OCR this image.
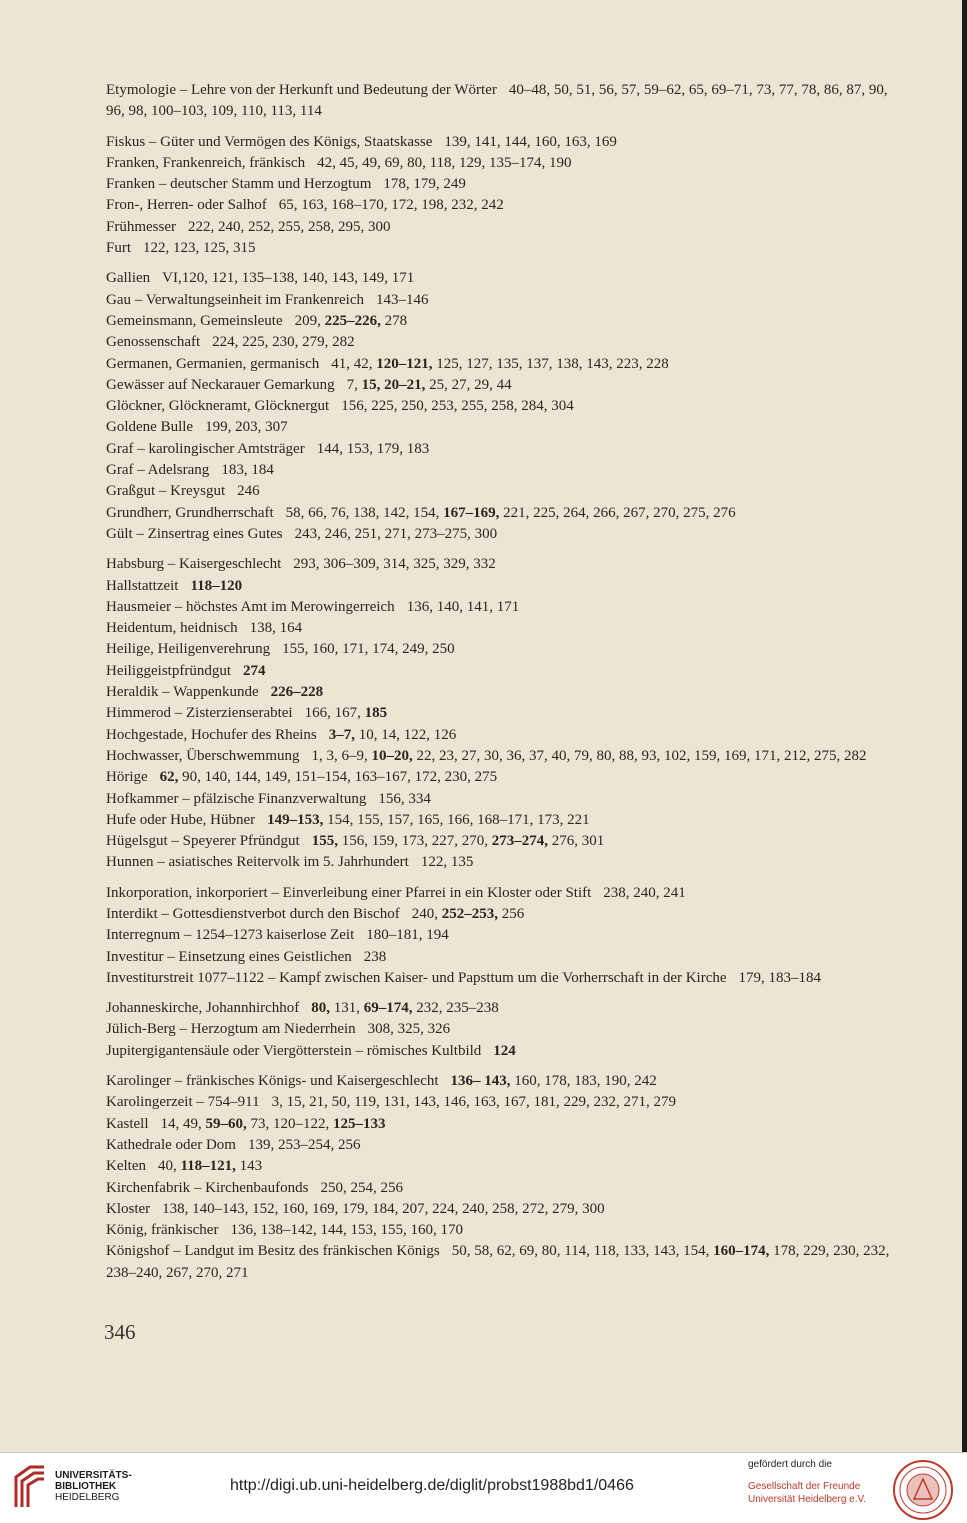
Etymologie – Lehre von der Herkunft und Bedeutung der Wörter 40–48, 50, 51, 56, 57, 59–62, 65, 69–71, 73, 77, 78, 86, 87, 90, 96, 98, 100–103, 109, 110, 113, 114
Fiskus – Güter und Vermögen des Königs, Staatskasse 139, 141, 144, 160, 163, 169
Franken, Frankenreich, fränkisch 42, 45, 49, 69, 80, 118, 129, 135–174, 190
Franken – deutscher Stamm und Herzogtum 178, 179, 249
Fron-, Herren- oder Salhof 65, 163, 168–170, 172, 198, 232, 242
Frühmesser 222, 240, 252, 255, 258, 295, 300
Furt 122, 123, 125, 315
Gallien VI,120, 121, 135–138, 140, 143, 149, 171
Gau – Verwaltungseinheit im Frankenreich 143–146
Gemeinsmann, Gemeinsleute 209, 225–226, 278
Genossenschaft 224, 225, 230, 279, 282
Germanen, Germanien, germanisch 41, 42, 120–121, 125, 127, 135, 137, 138, 143, 223, 228
Gewässer auf Neckarauer Gemarkung 7, 15, 20–21, 25, 27, 29, 44
Glöckner, Glöckneramt, Glöcknergut 156, 225, 250, 253, 255, 258, 284, 304
Goldene Bulle 199, 203, 307
Graf – karolingischer Amtsträger 144, 153, 179, 183
Graf – Adelsrang 183, 184
Graßgut – Kreysgut 246
Grundherr, Grundherrschaft 58, 66, 76, 138, 142, 154, 167–169, 221, 225, 264, 266, 267, 270, 275, 276
Gült – Zinsertrag eines Gutes 243, 246, 251, 271, 273–275, 300
Habsburg – Kaisergeschlecht 293, 306–309, 314, 325, 329, 332
Hallstattzeit 118–120
Hausmeier – höchstes Amt im Merowingerreich 136, 140, 141, 171
Heidentum, heidnisch 138, 164
Heilige, Heiligenverehrung 155, 160, 171, 174, 249, 250
Heiliggeistpfründgut 274
Heraldik – Wappenkunde 226–228
Himmerod – Zisterzienserabtei 166, 167, 185
Hochgestade, Hochufer des Rheins 3–7, 10, 14, 122, 126
Hochwasser, Überschwemmung 1, 3, 6–9, 10–20, 22, 23, 27, 30, 36, 37, 40, 79, 80, 88, 93, 102, 159, 169, 171, 212, 275, 282
Hörige 62, 90, 140, 144, 149, 151–154, 163–167, 172, 230, 275
Hofkammer – pfälzische Finanzverwaltung 156, 334
Hufe oder Hube, Hübner 149–153, 154, 155, 157, 165, 166, 168–171, 173, 221
Hügelsgut – Speyerer Pfründgut 155, 156, 159, 173, 227, 270, 273–274, 276, 301
Hunnen – asiatisches Reitervolk im 5. Jahrhundert 122, 135
Inkorporation, inkorporiert – Einverleibung einer Pfarrei in ein Kloster oder Stift 238, 240, 241
Interdikt – Gottesdienstverbot durch den Bischof 240, 252–253, 256
Interregnum – 1254–1273 kaiserlose Zeit 180–181, 194
Investitur – Einsetzung eines Geistlichen 238
Investiturstreit 1077–1122 – Kampf zwischen Kaiser- und Papsttum um die Vorherrschaft in der Kirche 179, 183–184
Johanneskirche, Johannhirchhof 80, 131, 69–174, 232, 235–238
Jülich-Berg – Herzogtum am Niederrhein 308, 325, 326
Jupitergigantensäule oder Viergötterstein – römisches Kultbild 124
Karolinger – fränkisches Königs- und Kaisergeschlecht 136– 143, 160, 178, 183, 190, 242
Karolingerzeit – 754–911 3, 15, 21, 50, 119, 131, 143, 146, 163, 167, 181, 229, 232, 271, 279
Kastell 14, 49, 59–60, 73, 120–122, 125–133
Kathedrale oder Dom 139, 253–254, 256
Kelten 40, 118–121, 143
Kirchenfabrik – Kirchenbaufonds 250, 254, 256
Kloster 138, 140–143, 152, 160, 169, 179, 184, 207, 224, 240, 258, 272, 279, 300
König, fränkischer 136, 138–142, 144, 153, 155, 160, 170
Königshof – Landgut im Besitz des fränkischen Königs 50, 58, 62, 69, 80, 114, 118, 133, 143, 154, 160–174, 178, 229, 230, 232, 238–240, 267, 270, 271
346
UNIVERSITÄTS-
BIBLIOTHEK
HEIDELBERG
http://digi.ub.uni-heidelberg.de/diglit/probst1988bd1/0466
gefördert durch die
Gesellschaft der Freunde
Universität Heidelberg e.V.
